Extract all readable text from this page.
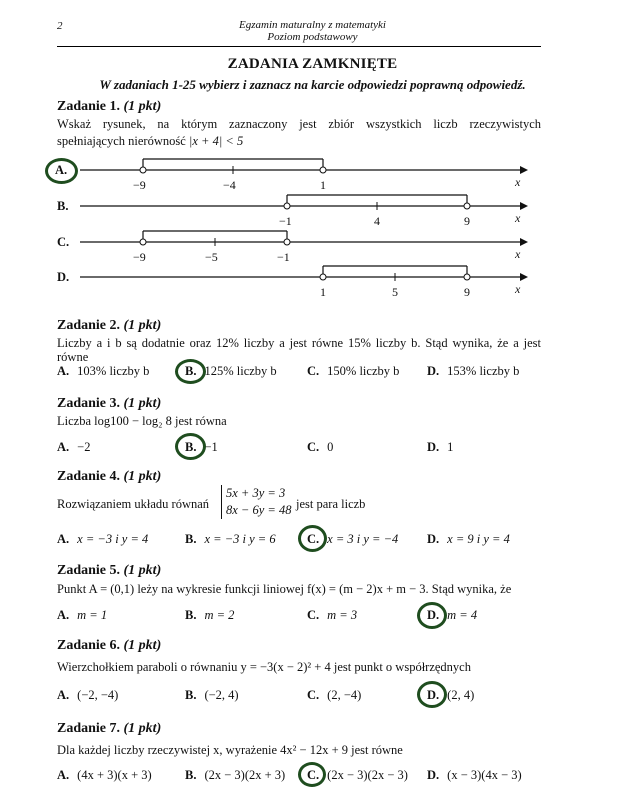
2	Egzamin maturalny z matematyki
Poziom podstawowy
ZADANIA ZAMKNIĘTE
W zadaniach 1-25 wybierz i zaznacz na karcie odpowiedzi poprawną odpowiedź.
Zadanie 1. (1 pkt)
Wskaż rysunek, na którym zaznaczony jest zbiór wszystkich liczb rzeczywistych
spełniających nierówność |x + 4| < 5
A.
x
−9	−4	1
B.
x
−1	4	9
C.
x
−9	−5	−1
D.
x
1	5	9
Zadanie 2. (1 pkt)
Liczby a i b są dodatnie oraz 12% liczby a jest równe 15% liczby b. Stąd wynika, że a jest
równe
A. 103% liczby b	B. 125% liczby b C. 150% liczby b D. 153% liczby b
Zadanie 3. (1 pkt)
Liczba log100 − log₂ 8 jest równa
A. −2	B. −1	C. 0	D. 1
Zadanie 4. (1 pkt)
Rozwiązaniem układu równań
5x + 3y = 3
8x − 6y = 48 jest para liczb
A. x = −3 i y = 4	B. x = −3 i y = 6	C. x = 3 i y = −4 D. x = 9 i y = 4
Zadanie 5. (1 pkt)
Punkt A = (0,1) leży na wykresie funkcji liniowej f(x) = (m − 2)x + m − 3. Stąd wynika, że
A. m = 1	B. m = 2	C. m = 3	D. m = 4
Zadanie 6. (1 pkt)
Wierzchołkiem paraboli o równaniu y = −3(x − 2)² + 4 jest punkt o współrzędnych
A. (−2, −4)	B. (−2, 4)	C. (2, −4)	D. (2, 4)
Zadanie 7. (1 pkt)
Dla każdej liczby rzeczywistej x, wyrażenie 4x² − 12x + 9 jest równe
A. (4x + 3)(x + 3)	B. (2x − 3)(2x + 3) C. (2x − 3)(2x − 3) D. (x − 3)(4x − 3)
